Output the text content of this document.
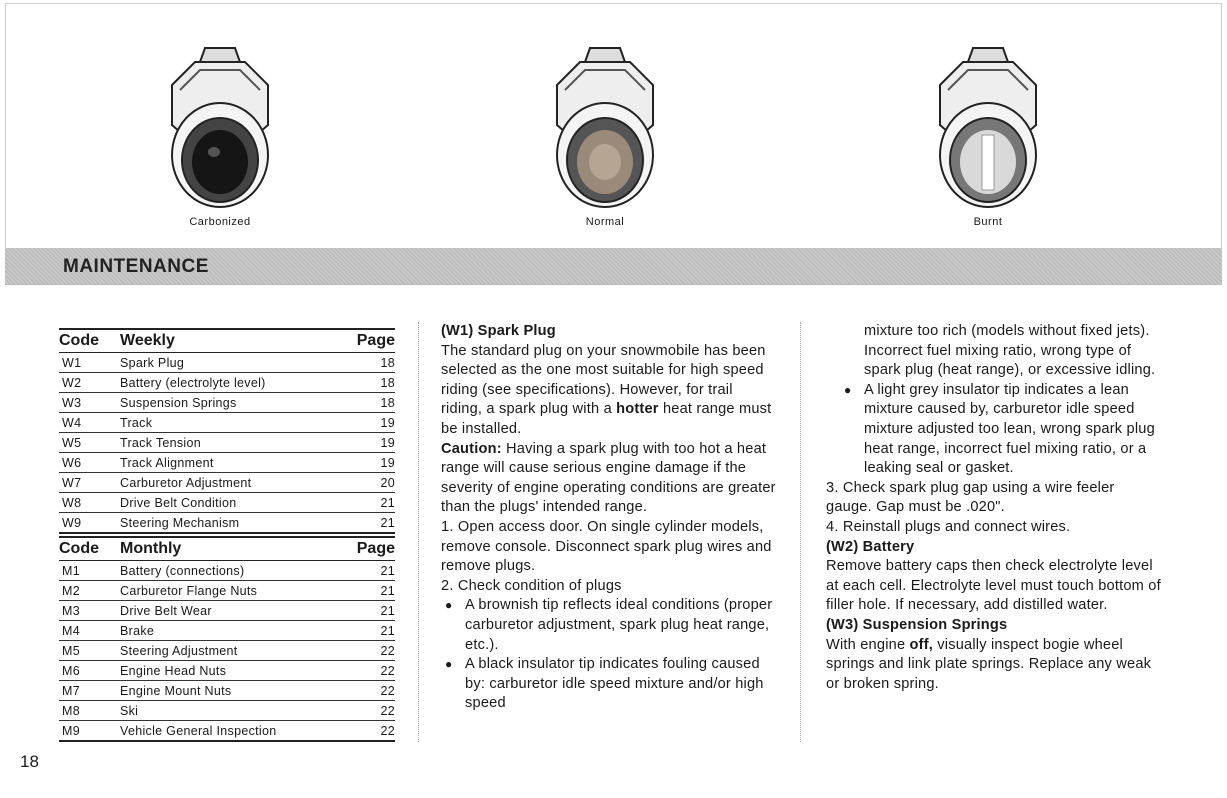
Carbonized	Normal	Burnt
MAINTENANCE
Code	Weekly	Page
W1	Spark Plug	18
W2	Battery (electrolyte level)	18
W3	Suspension Springs	18
W4	Track	19
W5	Track Tension	19
W6	Track Alignment	19
W7	Carburetor Adjustment	20
W8	Drive Belt Condition	21
W9	Steering Mechanism	21
Code	Monthly	Page
M1	Battery (connections)	21
M2	Carburetor Flange Nuts	21
M3	Drive Belt Wear	21
M4	Brake	21
M5	Steering Adjustment	22
M6	Engine Head Nuts	22
M7	Engine Mount Nuts	22
M8	Ski	22
M9	Vehicle General Inspection	22

(W1) Spark Plug

The standard plug on your snowmobile has been selected as the one most suitable for high speed riding (see specifications). However, for trail riding, a spark plug with a hotter heat range must be installed.

Caution: Having a spark plug with too hot a heat range will cause serious engine damage if the severity of engine operating conditions are greater than the plugs' intended range.

1. Open access door. On single cylinder models, remove console. Disconnect spark plug wires and remove plugs.

2. Check condition of plugs

● A brownish tip reflects ideal conditions (proper carburetor adjustment, spark plug heat range, etc.).

● A black insulator tip indicates fouling caused by: carburetor idle speed mixture and/or high speed

mixture too rich (models without fixed jets). Incorrect fuel mixing ratio, wrong type of spark plug (heat range), or excessive idling.

● A light grey insulator tip indicates a lean mixture caused by, carburetor idle speed mixture adjusted too lean, wrong spark plug heat range, incorrect fuel mixing ratio, or a leaking seal or gasket.

3. Check spark plug gap using a wire feeler gauge. Gap must be .020".

4. Reinstall plugs and connect wires.

(W2) Battery

Remove battery caps then check electrolyte level at each cell. Electrolyte level must touch bottom of filler hole. If necessary, add distilled water.

(W3) Suspension Springs

With engine off, visually inspect bogie wheel springs and link plate springs. Replace any weak or broken spring.

18
